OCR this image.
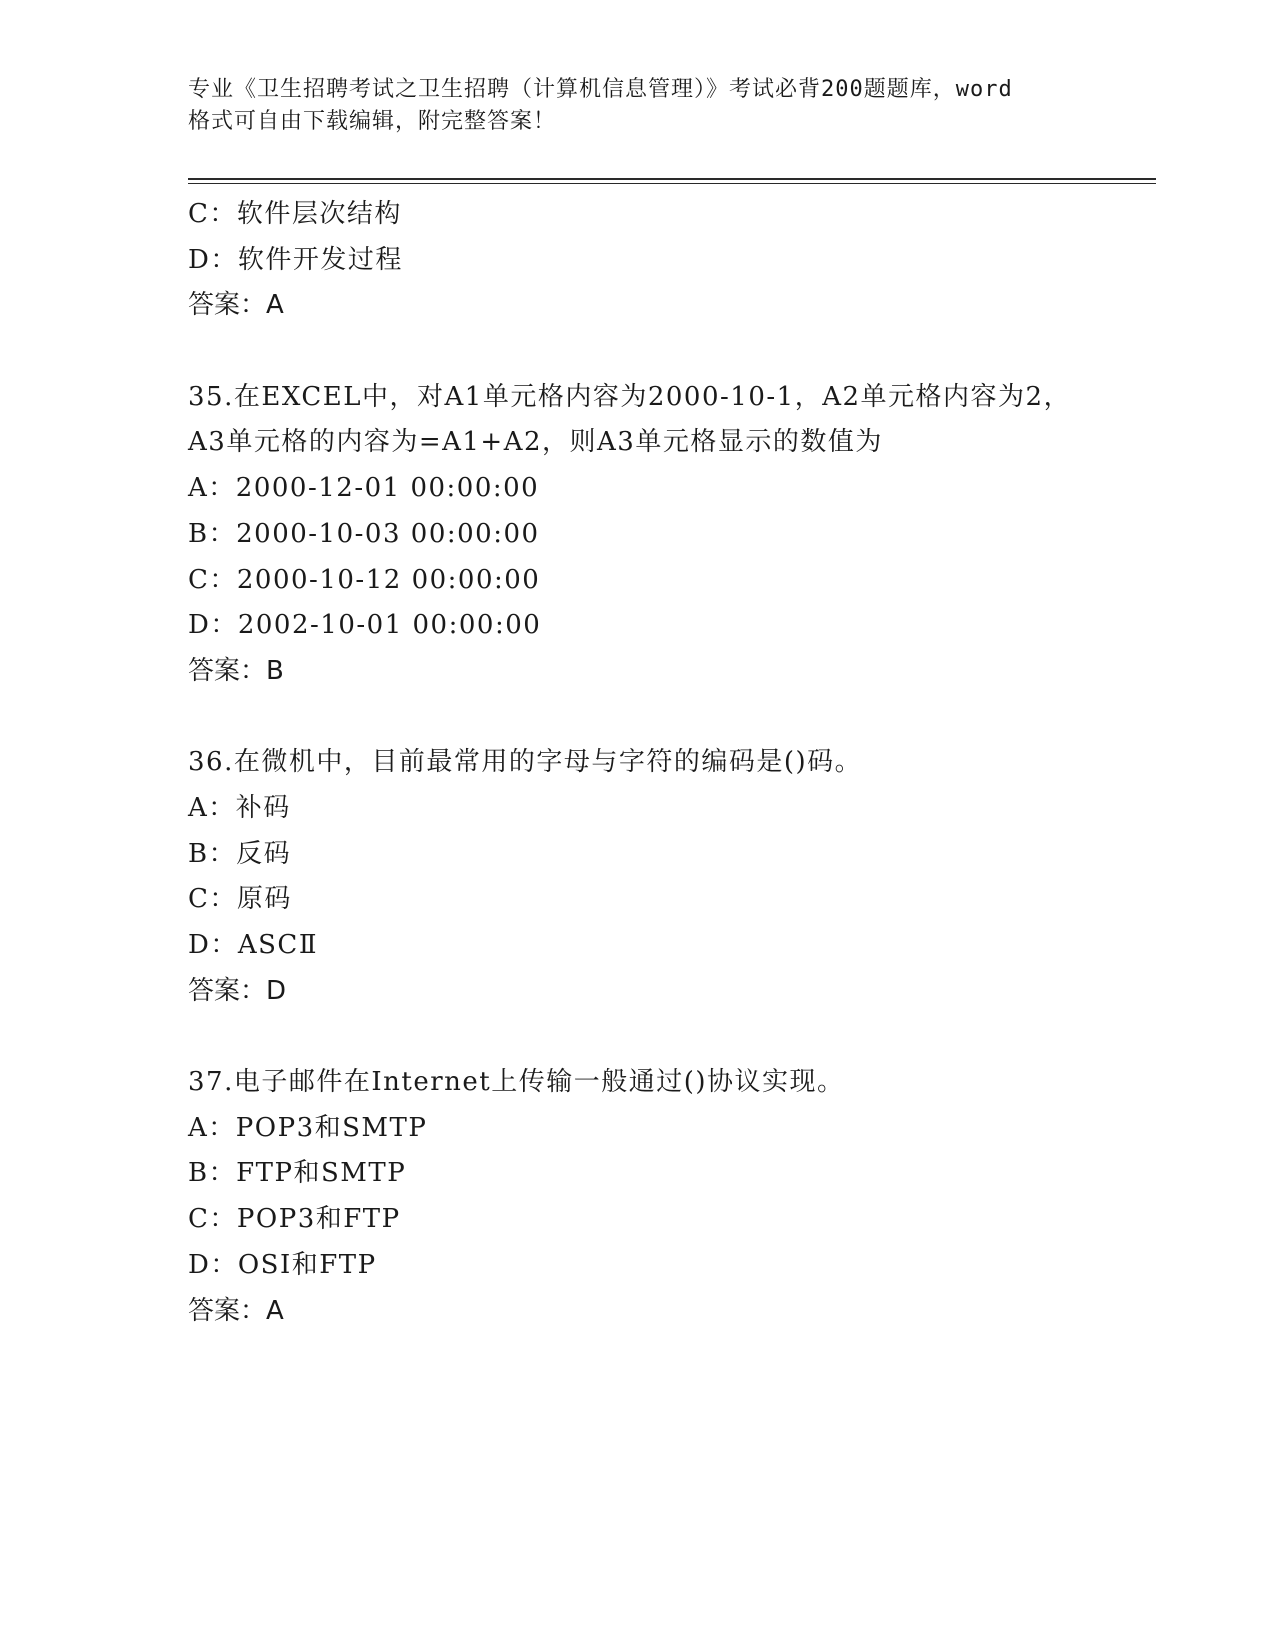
专业《卫生招聘考试之卫生招聘（计算机信息管理）》考试必背200题题库，word
格式可自由下载编辑，附完整答案！
C：软件层次结构
D：软件开发过程
答案：A
35.在EXCEL中，对A1单元格内容为2000-10-1，A2单元格内容为2，
A3单元格的内容为=A1+A2，则A3单元格显示的数值为
A：2000-12-01 00:00:00
B：2000-10-03 00:00:00
C：2000-10-12 00:00:00
D：2002-10-01 00:00:00
答案：B
36.在微机中，目前最常用的字母与字符的编码是()码。
A：补码
B：反码
C：原码
D：ASCⅡ
答案：D
37.电子邮件在Internet上传输一般通过()协议实现。
A：POP3和SMTP
B：FTP和SMTP
C：POP3和FTP
D：OSI和FTP
答案：A
